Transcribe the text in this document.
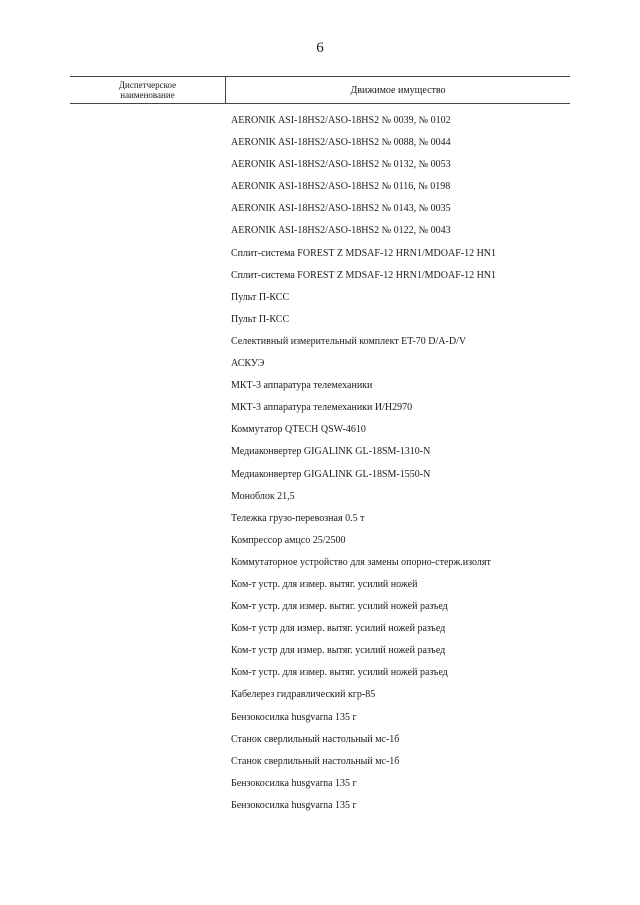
6
Диспетчерское
наименование	Движимое имущество
AERONIK ASI-18HS2/ASO-18HS2 № 0039, № 0102
AERONIK ASI-18HS2/ASO-18HS2 № 0088, № 0044
AERONIK ASI-18HS2/ASO-18HS2 № 0132, № 0053
AERONIK ASI-18HS2/ASO-18HS2 № 0116, № 0198
AERONIK ASI-18HS2/ASO-18HS2 № 0143, № 0035
AERONIK ASI-18HS2/ASO-18HS2 № 0122, № 0043
Сплит-система FOREST Z MDSAF-12 HRN1/MDOAF-12 HN1
Сплит-система FOREST Z MDSAF-12 HRN1/MDOAF-12 HN1
Пульт П-КСС
Пульт П-КСС
Селективный измерительный комплект ET-70 D/A-D/V
АСКУЭ
МКТ-3 аппаратура телемеханики
МКТ-3 аппаратура телемеханики И/Н2970
Коммутатор QTECH QSW-4610
Медиаконвертер GIGALINK GL-18SM-1310-N
Медиаконвертер GIGALINK GL-18SM-1550-N
Моноблок 21,5
Тележка грузо-перевозная 0.5 т
Компрессор амцсо 25/2500
Коммутаторное устройство для замены опорно-стерж.изолят
Ком-т устр. для измер. вытяг. усилий ножей
Ком-т устр. для измер. вытяг. усилий ножей разъед
Ком-т устр для измер. вытяг. усилий ножей разъед
Ком-т устр для измер. вытяг. усилий ножей разъед
Ком-т устр. для измер. вытяг. усилий ножей разъед
Кабелерез гидравлический кгр-85
Бензокосилка husgvarna 135 г
Станок сверлильный настольный мс-1б
Станок сверлильный настольный мс-1б
Бензокосилка husgvarna 135 г
Бензокосилка husgvarna 135 г
